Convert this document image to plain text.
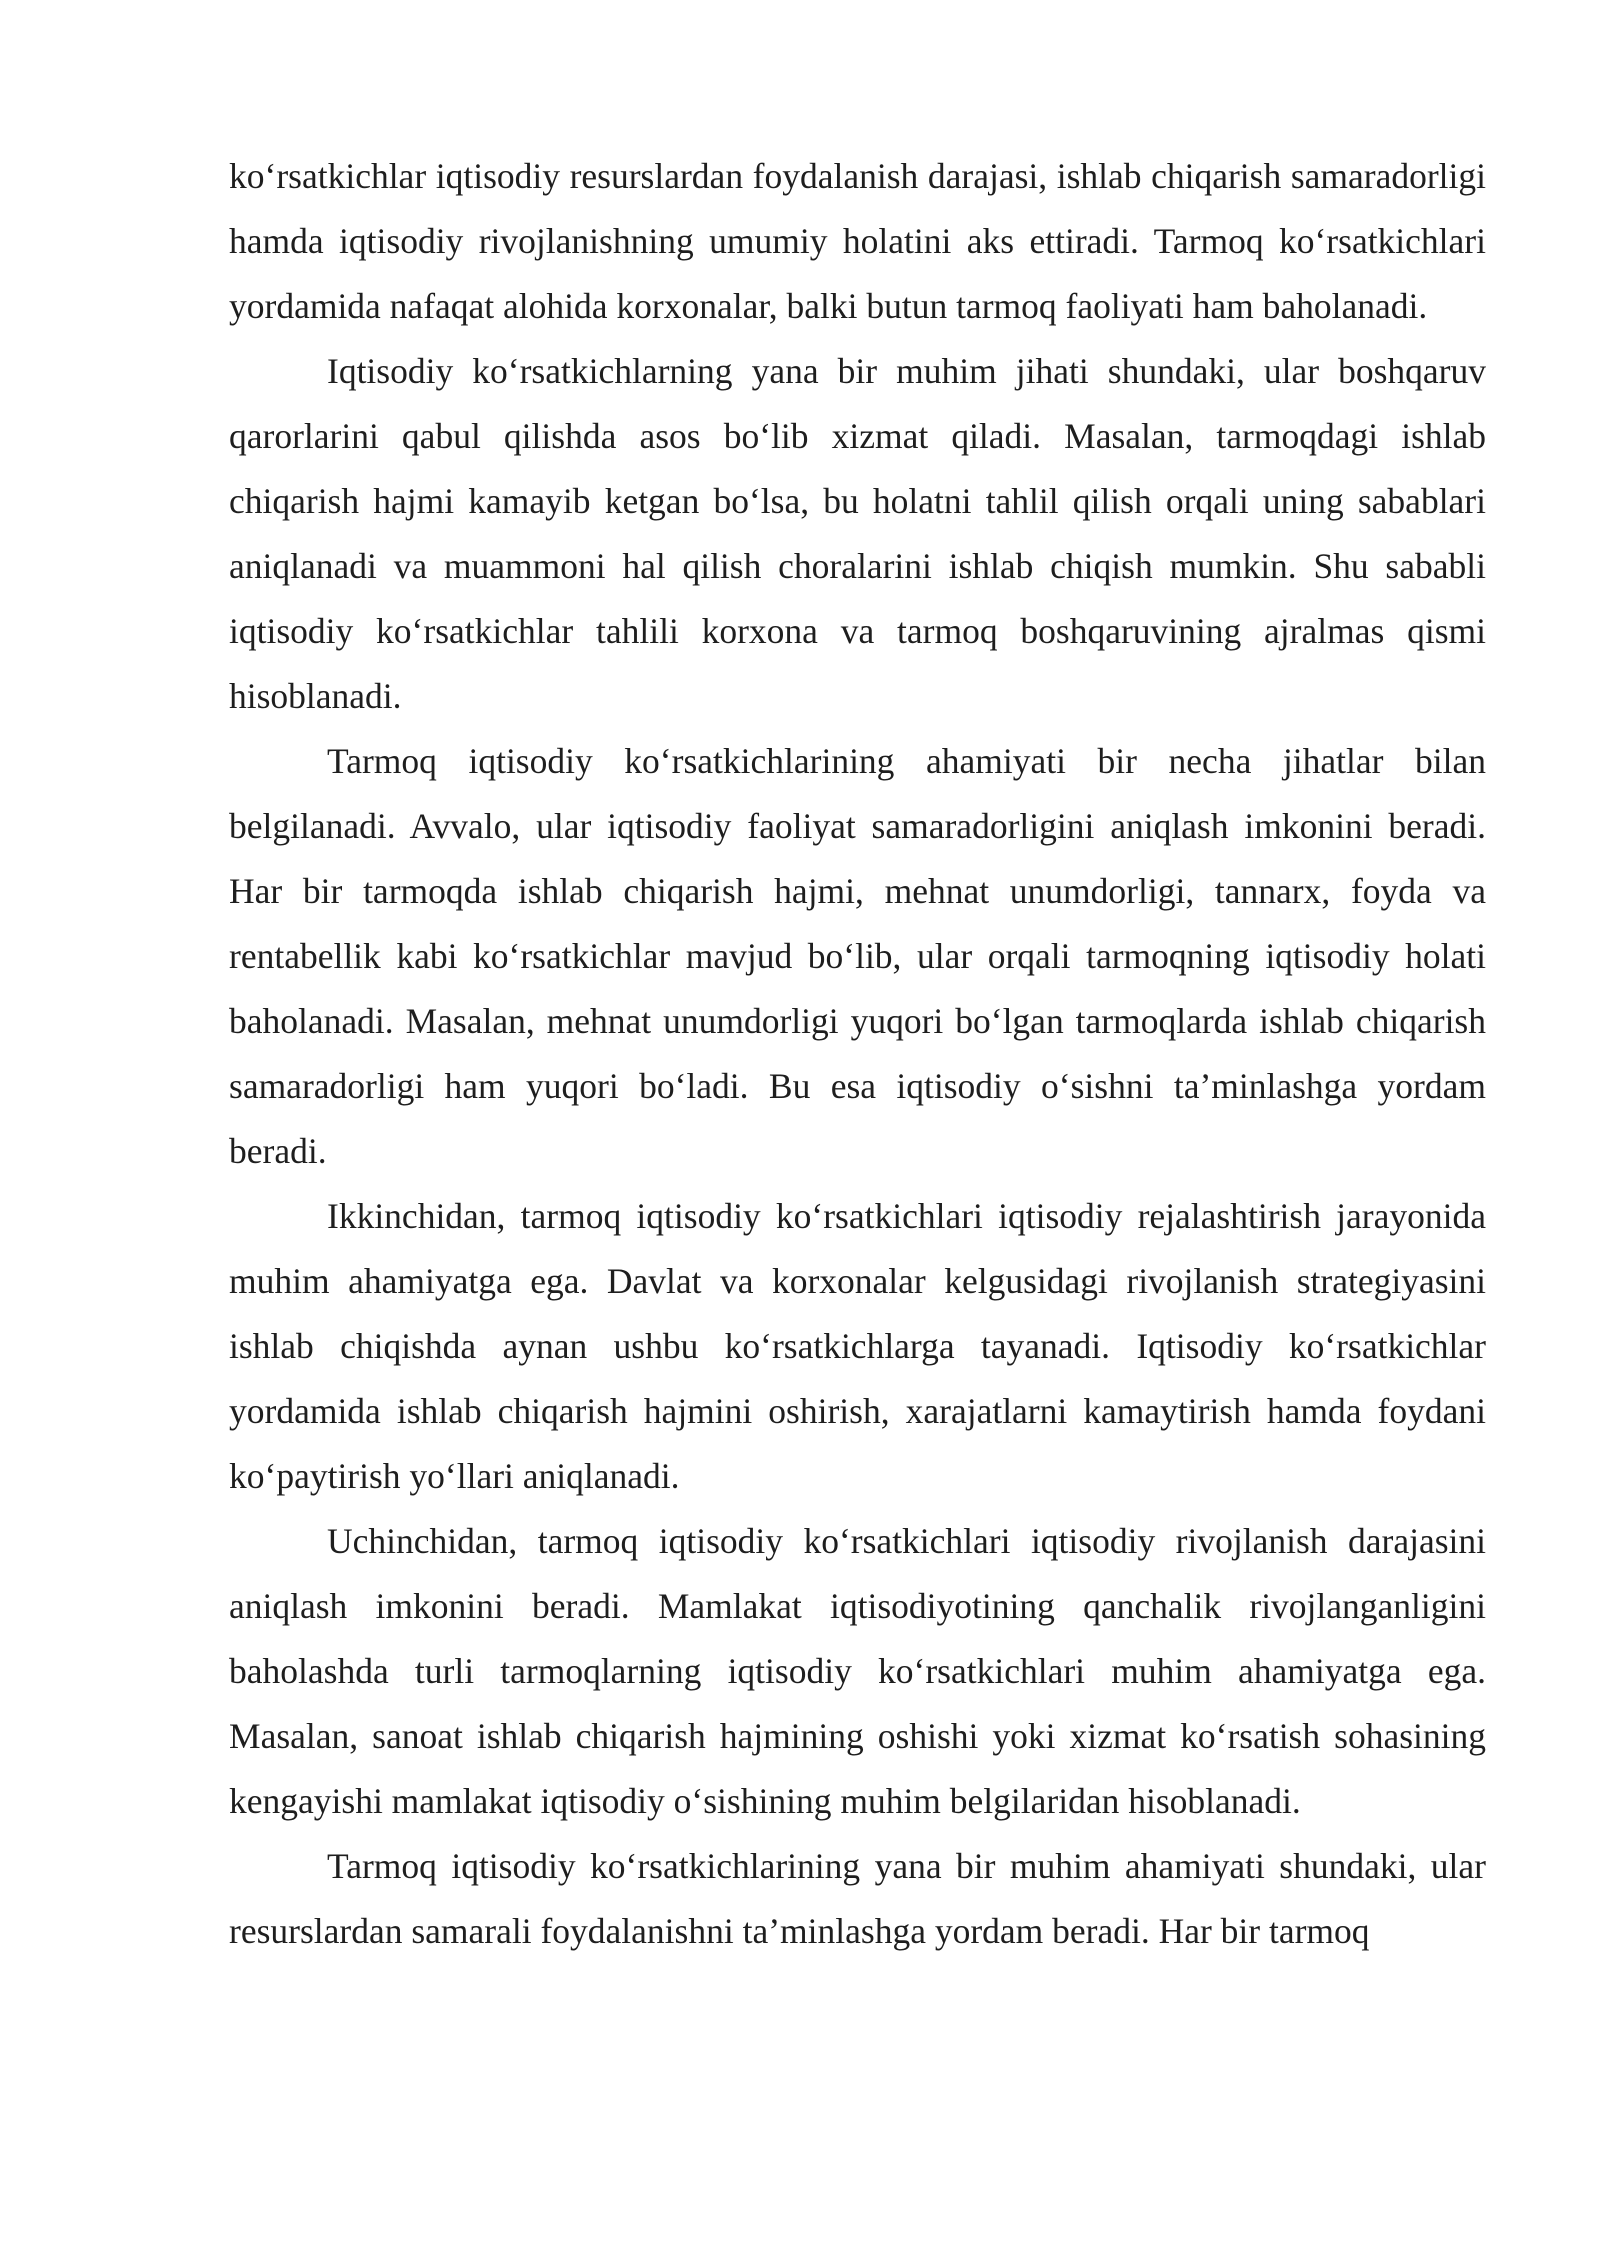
ko‘rsatkichlar iqtisodiy resurslardan foydalanish darajasi, ishlab chiqarish samaradorligi hamda iqtisodiy rivojlanishning umumiy holatini aks ettiradi. Tarmoq ko‘rsatkichlari yordamida nafaqat alohida korxonalar, balki butun tarmoq faoliyati ham baholanadi.

Iqtisodiy ko‘rsatkichlarning yana bir muhim jihati shundaki, ular boshqaruv qarorlarini qabul qilishda asos bo‘lib xizmat qiladi. Masalan, tarmoqdagi ishlab chiqarish hajmi kamayib ketgan bo‘lsa, bu holatni tahlil qilish orqali uning sabablari aniqlanadi va muammoni hal qilish choralarini ishlab chiqish mumkin. Shu sababli iqtisodiy ko‘rsatkichlar tahlili korxona va tarmoq boshqaruvining ajralmas qismi hisoblanadi.

Tarmoq iqtisodiy ko‘rsatkichlarining ahamiyati bir necha jihatlar bilan belgilanadi. Avvalo, ular iqtisodiy faoliyat samaradorligini aniqlash imkonini beradi. Har bir tarmoqda ishlab chiqarish hajmi, mehnat unumdorligi, tannarx, foyda va rentabellik kabi ko‘rsatkichlar mavjud bo‘lib, ular orqali tarmoqning iqtisodiy holati baholanadi. Masalan, mehnat unumdorligi yuqori bo‘lgan tarmoqlarda ishlab chiqarish samaradorligi ham yuqori bo‘ladi. Bu esa iqtisodiy o‘sishni ta’minlashga yordam beradi.

Ikkinchidan, tarmoq iqtisodiy ko‘rsatkichlari iqtisodiy rejalashtirish jarayonida muhim ahamiyatga ega. Davlat va korxonalar kelgusidagi rivojlanish strategiyasini ishlab chiqishda aynan ushbu ko‘rsatkichlarga tayanadi. Iqtisodiy ko‘rsatkichlar yordamida ishlab chiqarish hajmini oshirish, xarajatlarni kamaytirish hamda foydani ko‘paytirish yo‘llari aniqlanadi.

Uchinchidan, tarmoq iqtisodiy ko‘rsatkichlari iqtisodiy rivojlanish darajasini aniqlash imkonini beradi. Mamlakat iqtisodiyotining qanchalik rivojlanganligini baholashda turli tarmoqlarning iqtisodiy ko‘rsatkichlari muhim ahamiyatga ega. Masalan, sanoat ishlab chiqarish hajmining oshishi yoki xizmat ko‘rsatish sohasining kengayishi mamlakat iqtisodiy o‘sishining muhim belgilaridan hisoblanadi.

Tarmoq iqtisodiy ko‘rsatkichlarining yana bir muhim ahamiyati shundaki, ular resurslardan samarali foydalanishni ta’minlashga yordam beradi. Har bir tarmoq
